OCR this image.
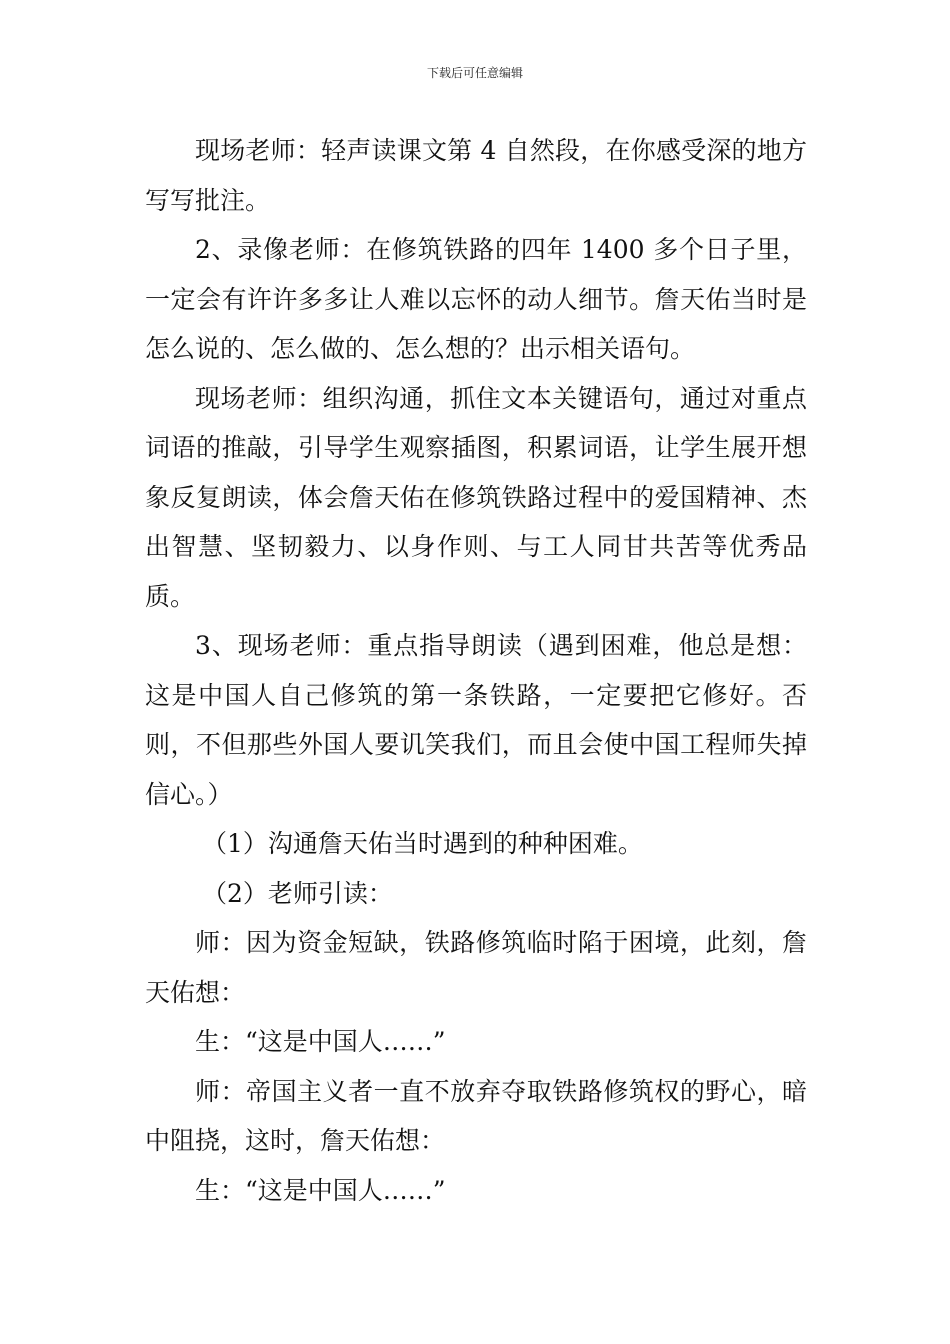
下载后可任意编辑

现场老师：轻声读课文第 4 自然段，在你感受深的地方写写批注。

2、录像老师：在修筑铁路的四年 1400 多个日子里，一定会有许许多多让人难以忘怀的动人细节。詹天佑当时是怎么说的、怎么做的、怎么想的？出示相关语句。

现场老师：组织沟通，抓住文本关键语句，通过对重点词语的推敲，引导学生观察插图，积累词语，让学生展开想象反复朗读，体会詹天佑在修筑铁路过程中的爱国精神、杰出智慧、坚韧毅力、以身作则、与工人同甘共苦等优秀品质。

3、现场老师：重点指导朗读（遇到困难，他总是想：这是中国人自己修筑的第一条铁路，一定要把它修好。否则，不但那些外国人要讥笑我们，而且会使中国工程师失掉信心。）

（1）沟通詹天佑当时遇到的种种困难。

（2）老师引读：

师：因为资金短缺，铁路修筑临时陷于困境，此刻，詹天佑想：

生：“这是中国人……”

师：帝国主义者一直不放弃夺取铁路修筑权的野心，暗中阻挠，这时，詹天佑想：

生：“这是中国人……”
